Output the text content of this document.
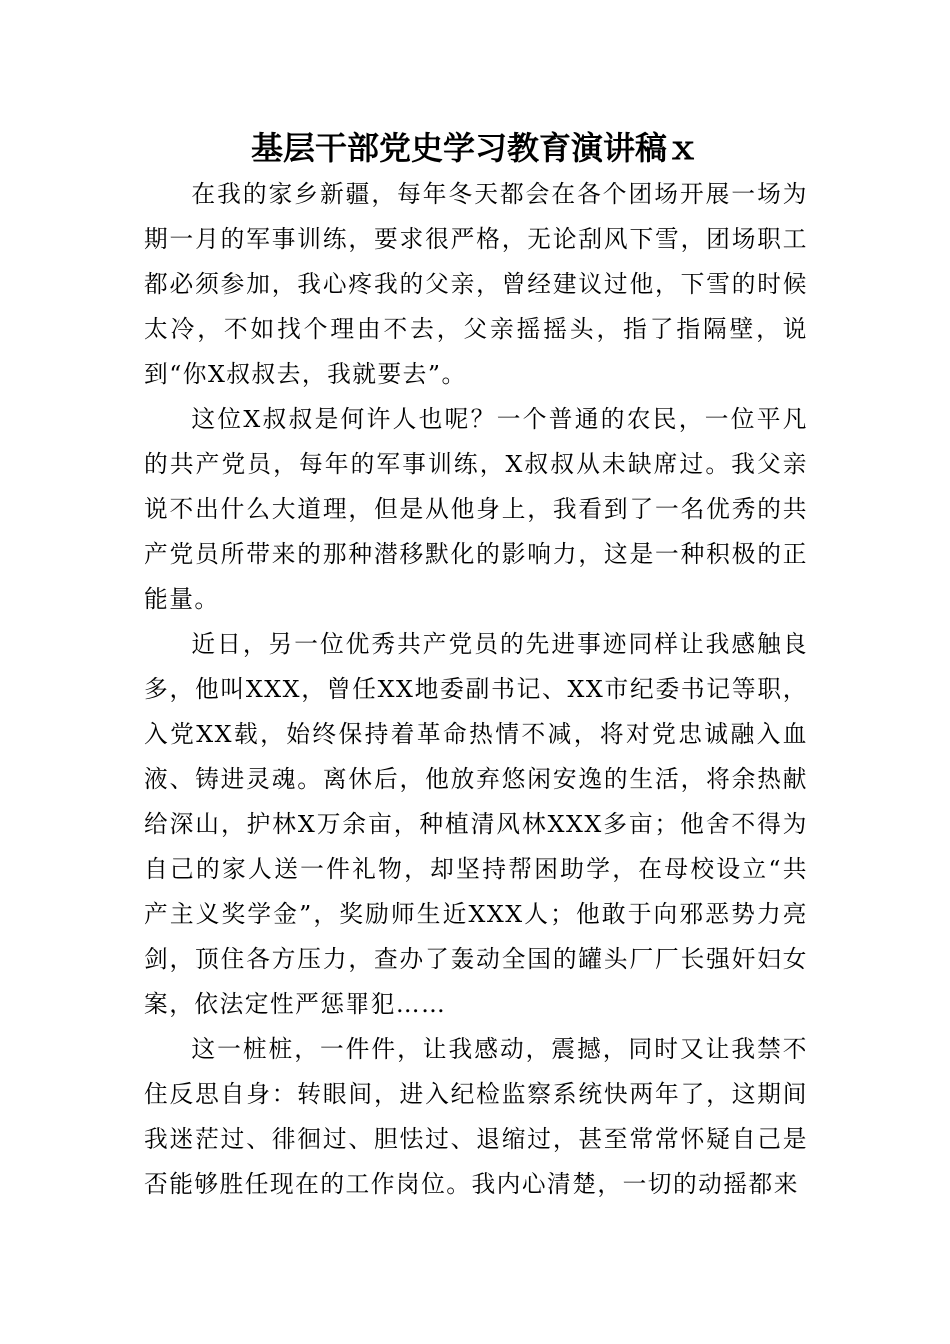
基层干部党史学习教育演讲稿ｘ

在我的家乡新疆，每年冬天都会在各个团场开展一场为期一月的军事训练，要求很严格，无论刮风下雪，团场职工都必须参加，我心疼我的父亲，曾经建议过他，下雪的时候太冷，不如找个理由不去，父亲摇摇头，指了指隔壁，说到“你X叔叔去，我就要去”。

这位X叔叔是何许人也呢？一个普通的农民，一位平凡的共产党员，每年的军事训练，X叔叔从未缺席过。我父亲说不出什么大道理，但是从他身上，我看到了一名优秀的共产党员所带来的那种潜移默化的影响力，这是一种积极的正能量。

近日，另一位优秀共产党员的先进事迹同样让我感触良多，他叫XXX，曾任XX地委副书记、XX市纪委书记等职，入党XX载，始终保持着革命热情不减，将对党忠诚融入血液、铸进灵魂。离休后，他放弃悠闲安逸的生活，将余热献给深山，护林X万余亩，种植清风林XXX多亩；他舍不得为自己的家人送一件礼物，却坚持帮困助学，在母校设立“共产主义奖学金”，奖励师生近XXX人；他敢于向邪恶势力亮剑，顶住各方压力，查办了轰动全国的罐头厂厂长强奸妇女案，依法定性严惩罪犯……

这一桩桩，一件件，让我感动，震撼，同时又让我禁不住反思自身：转眼间，进入纪检监察系统快两年了，这期间我迷茫过、徘徊过、胆怯过、退缩过，甚至常常怀疑自己是否能够胜任现在的工作岗位。我内心清楚，一切的动摇都来
